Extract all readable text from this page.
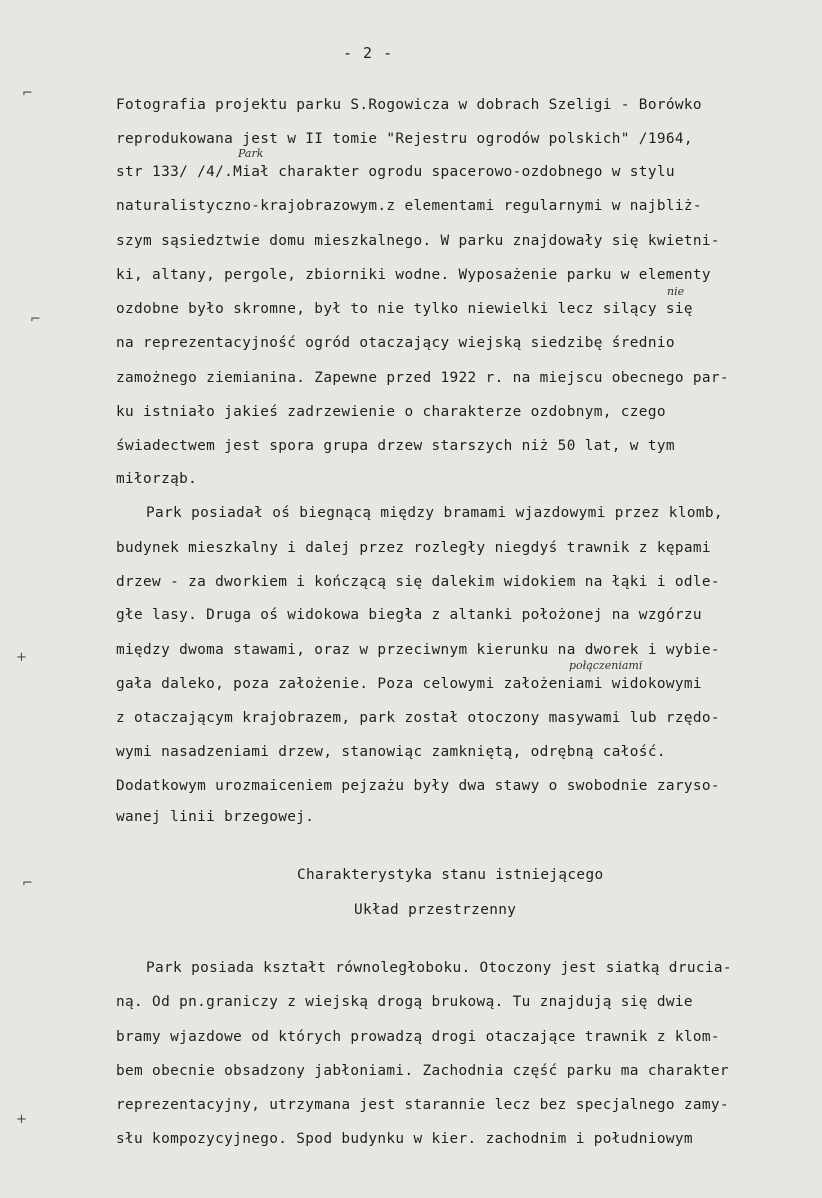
- 2 -
Fotografia projektu parku S.Rogowicza w dobrach Szeligi - Borówko
reprodukowana jest w II tomie "Rejestru ogrodów polskich" /1964,
str 133/ /4/.Miał charakter ogrodu spacerowo-ozdobnego w stylu
naturalistyczno-krajobrazowym.z elementami regularnymi w najbliż-
szym sąsiedztwie domu mieszkalnego. W parku znajdowały się kwietni-
ki, altany, pergole, zbiorniki wodne. Wyposażenie parku w elementy
ozdobne było skromne, był to nie tylko niewielki lecz silący się
na reprezentacyjność ogród otaczający wiejską siedzibę średnio
zamożnego ziemianina. Zapewne przed 1922 r. na miejscu obecnego par-
ku istniało jakieś zadrzewienie o charakterze ozdobnym, czego
świadectwem jest spora grupa drzew starszych niż 50 lat, w tym
miłorząb.
Park posiadał oś biegnącą między bramami wjazdowymi przez klomb,
budynek mieszkalny i dalej przez rozległy niegdyś trawnik z kępami
drzew - za dworkiem i kończącą się dalekim widokiem na łąki i odle-
głe lasy. Druga oś widokowa biegła z altanki położonej na wzgórzu
między dwoma stawami, oraz w przeciwnym kierunku na dworek i wybie-
gała daleko, poza założenie. Poza celowymi założeniami widokowymi
z otaczającym krajobrazem, park został otoczony masywami lub rzędo-
wymi nasadzeniami drzew, stanowiąc zamkniętą, odrębną całość.
Dodatkowym urozmaiceniem pejzażu były dwa stawy o swobodnie zaryso-
wanej linii brzegowej.
Charakterystyka stanu istniejącego
Układ przestrzenny
Park posiada kształt równoległoboku. Otoczony jest siatką drucia-
ną. Od pn.graniczy z wiejską drogą brukową. Tu znajdują się dwie
bramy wjazdowe od których prowadzą drogi otaczające trawnik z klom-
bem obecnie obsadzony jabłoniami. Zachodnia część parku ma charakter
reprezentacyjny, utrzymana jest starannie lecz bez specjalnego zamy-
słu kompozycyjnego. Spod budynku w kier. zachodnim i południowym
Park
nie
połączeniami
⌐
⌐
+
⌐
+
